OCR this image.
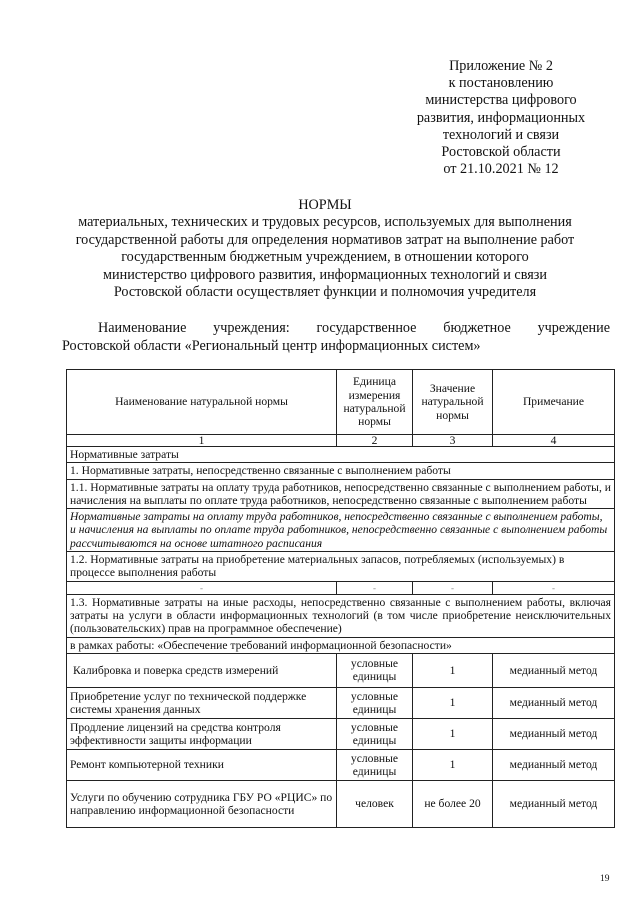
Приложение № 2
к постановлению
министерства цифрового
развития, информационных
технологий и связи
Ростовской области
от 21.10.2021 № 12
НОРМЫ
материальных, технических и трудовых ресурсов, используемых для выполнения
государственной работы для определения нормативов затрат на выполнение работ
государственным бюджетным учреждением, в отношении которого
министерство цифрового развития, информационных технологий и связи
Ростовской области осуществляет функции и полномочия учредителя
Наименование учреждения: государственное бюджетное учреждение
Ростовской области «Региональный центр информационных систем»
Наименование натуральной нормы	Единица измерения натуральной нормы	Значение натуральной нормы	Примечание
1	2	3	4
Нормативные затраты			
1. Нормативные затраты, непосредственно связанные с выполнением работы			
1.1. Нормативные затраты на оплату труда работников, непосредственно связанные с выполнением работы, и начисления на выплаты по оплате труда работников, непосредственно связанные с выполнением работы			
Нормативные затраты на оплату труда работников, непосредственно связанные с выполнением работы, и начисления на выплаты по оплате труда работников, непосредственно связанные с выполнением работы рассчитываются на основе штатного расписания			
1.2. Нормативные затраты на приобретение материальных запасов, потребляемых (используемых) в процессе выполнения работы			
-	-	-	-
1.3. Нормативные затраты на иные расходы, непосредственно связанные с выполнением работы, включая затраты на услуги в области информационных технологий (в том числе приобретение неисключительных (пользовательских) прав на программное обеспечение)			
в рамках работы: «Обеспечение требований информационной безопасности»			
Калибровка и поверка средств измерений	условные единицы	1	медианный метод
Приобретение услуг по технической поддержке системы хранения данных	условные единицы	1	медианный метод
Продление лицензий на средства контроля эффективности защиты информации	условные единицы	1	медианный метод
Ремонт компьютерной техники	условные единицы	1	медианный метод
Услуги по обучению сотрудника ГБУ РО «РЦИС» по направлению информационной безопасности	человек	не более 20	медианный метод
19
